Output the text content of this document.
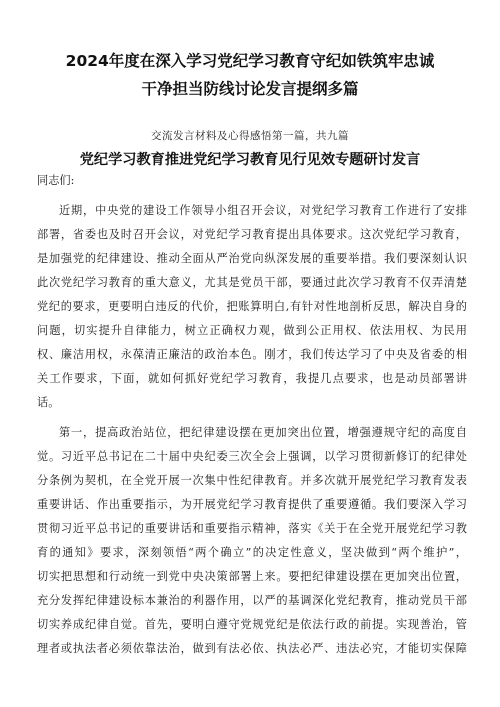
2024年度在深入学习党纪学习教育守纪如铁筑牢忠诚
干净担当防线讨论发言提纲多篇

交流发言材料及心得感悟第一篇，共九篇

党纪学习教育推进党纪学习教育见行见效专题研讨发言
同志们:
近期，中央党的建设工作领导小组召开会议，对党纪学习教育工作进行了安排
部署，省委也及时召开会议，对党纪学习教育提出具体要求。这次党纪学习教育，
是加强党的纪律建设、推动全面从严治党向纵深发展的重要举措。我们要深刻认识
此次党纪学习教育的重大意义，尤其是党员干部，要通过此次学习教育不仅弄清楚
党纪的要求，更要明白违反的代价，把账算明白,有针对性地剖析反思，解决自身的
问题，切实提升自律能力，树立正确权力观，做到公正用权、依法用权、为民用
权、廉洁用权，永葆清正廉洁的政治本色。刚才，我们传达学习了中央及省委的相
关工作要求，下面，就如何抓好党纪学习教育，我提几点要求，也是动员部署讲
话。
第一，提高政治站位，把纪律建设摆在更加突出位置，增强遵规守纪的高度自
觉。习近平总书记在二十届中央纪委三次全会上强调，以学习贯彻新修订的纪律处
分条例为契机，在全党开展一次集中性纪律教育。并多次就开展党纪学习教育发表
重要讲话、作出重要指示，为开展党纪学习教育提供了重要遵循。我们要深入学习
贯彻习近平总书记的重要讲话和重要指示精神，落实《关于在全党开展党纪学习教
育的通知》要求，深刻领悟“两个确立”的决定性意义，坚决做到“两个维护”，
切实把思想和行动统一到党中央决策部署上来。要把纪律建设摆在更加突出位置，
充分发挥纪律建设标本兼治的利器作用，以严的基调深化党纪教育，推动党员干部
切实养成纪律自觉。首先，要明白遵守党规党纪是依法行政的前提。实现善治，管
理者或执法者必须依靠法治，做到有法必依、执法必严、违法必究，才能切实保障
